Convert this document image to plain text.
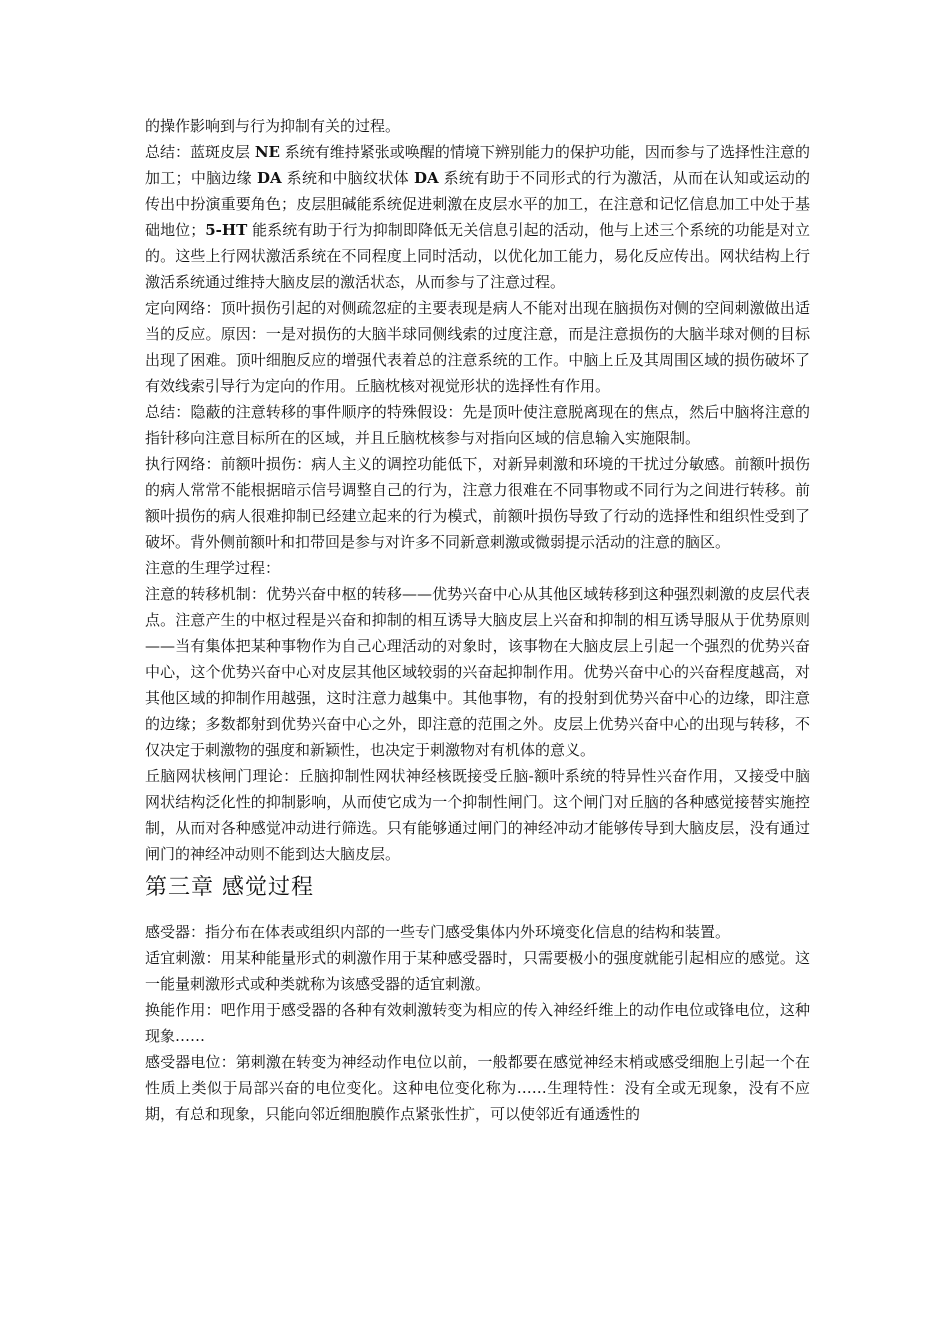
的操作影响到与行为抑制有关的过程。

总结：蓝斑皮层 NE 系统有维持紧张或唤醒的情境下辨别能力的保护功能，因而参与了选择性注意的加工；中脑边缘 DA 系统和中脑纹状体 DA 系统有助于不同形式的行为激活，从而在认知或运动的传出中扮演重要角色；皮层胆碱能系统促进刺激在皮层水平的加工，在注意和记忆信息加工中处于基础地位；5-HT 能系统有助于行为抑制即降低无关信息引起的活动，他与上述三个系统的功能是对立的。这些上行网状激活系统在不同程度上同时活动，以优化加工能力，易化反应传出。网状结构上行激活系统通过维持大脑皮层的激活状态，从而参与了注意过程。

定向网络：顶叶损伤引起的对侧疏忽症的主要表现是病人不能对出现在脑损伤对侧的空间刺激做出适当的反应。原因：一是对损伤的大脑半球同侧线索的过度注意，而是注意损伤的大脑半球对侧的目标出现了困难。顶叶细胞反应的增强代表着总的注意系统的工作。中脑上丘及其周围区域的损伤破坏了有效线索引导行为定向的作用。丘脑枕核对视觉形状的选择性有作用。

总结：隐蔽的注意转移的事件顺序的特殊假设：先是顶叶使注意脱离现在的焦点，然后中脑将注意的指针移向注意目标所在的区域，并且丘脑枕核参与对指向区域的信息输入实施限制。

执行网络：前额叶损伤：病人主义的调控功能低下，对新异刺激和环境的干扰过分敏感。前额叶损伤的病人常常不能根据暗示信号调整自己的行为，注意力很难在不同事物或不同行为之间进行转移。前额叶损伤的病人很难抑制已经建立起来的行为模式，前额叶损伤导致了行动的选择性和组织性受到了破坏。背外侧前额叶和扣带回是参与对许多不同新意刺激或微弱提示活动的注意的脑区。

注意的生理学过程：

注意的转移机制：优势兴奋中枢的转移——优势兴奋中心从其他区域转移到这种强烈刺激的皮层代表点。注意产生的中枢过程是兴奋和抑制的相互诱导大脑皮层上兴奋和抑制的相互诱导服从于优势原则——当有集体把某种事物作为自己心理活动的对象时，该事物在大脑皮层上引起一个强烈的优势兴奋中心，这个优势兴奋中心对皮层其他区域较弱的兴奋起抑制作用。优势兴奋中心的兴奋程度越高，对其他区域的抑制作用越强，这时注意力越集中。其他事物，有的投射到优势兴奋中心的边缘，即注意的边缘；多数都射到优势兴奋中心之外，即注意的范围之外。皮层上优势兴奋中心的出现与转移，不仅决定于刺激物的强度和新颖性，也决定于刺激物对有机体的意义。

丘脑网状核闸门理论：丘脑抑制性网状神经核既接受丘脑-额叶系统的特异性兴奋作用，又接受中脑网状结构泛化性的抑制影响，从而使它成为一个抑制性闸门。这个闸门对丘脑的各种感觉接替实施控制，从而对各种感觉冲动进行筛选。只有能够通过闸门的神经冲动才能够传导到大脑皮层，没有通过闸门的神经冲动则不能到达大脑皮层。

第三章 感觉过程

感受器：指分布在体表或组织内部的一些专门感受集体内外环境变化信息的结构和装置。

适宜刺激：用某种能量形式的刺激作用于某种感受器时，只需要极小的强度就能引起相应的感觉。这一能量刺激形式或种类就称为该感受器的适宜刺激。

换能作用：吧作用于感受器的各种有效刺激转变为相应的传入神经纤维上的动作电位或锋电位，这种现象……

感受器电位：第刺激在转变为神经动作电位以前，一般都要在感觉神经末梢或感受细胞上引起一个在性质上类似于局部兴奋的电位变化。这种电位变化称为……生理特性：没有全或无现象，没有不应期，有总和现象，只能向邻近细胞膜作点紧张性扩，可以使邻近有通透性的
